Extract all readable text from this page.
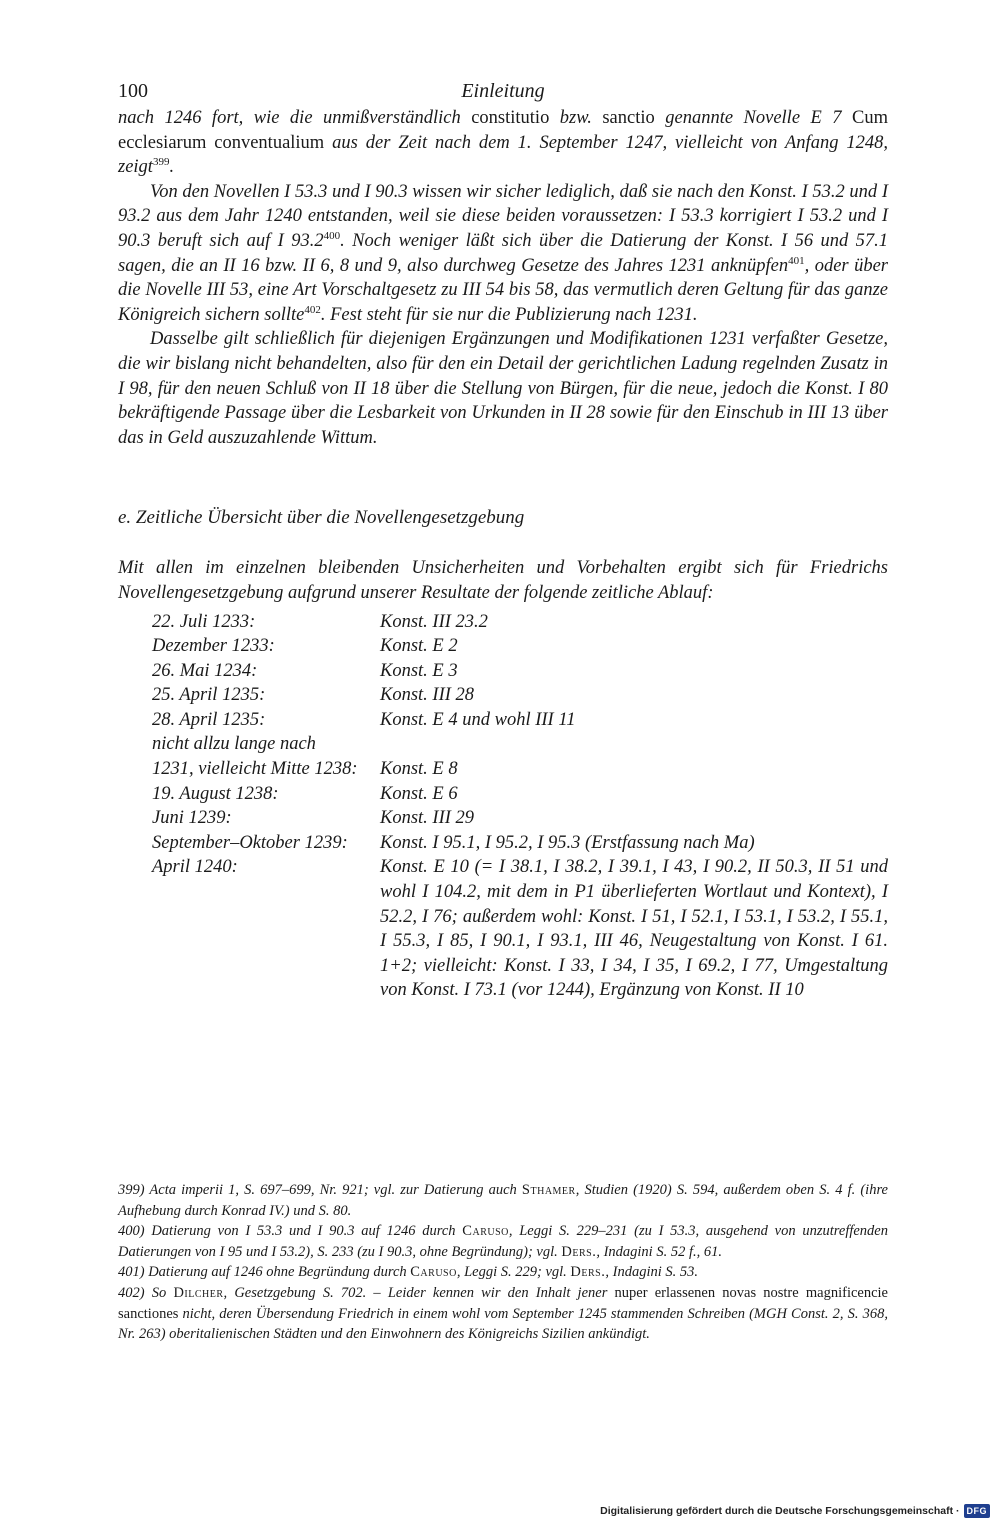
100	Einleitung

nach 1246 fort, wie die unmißverständlich constitutio bzw. sanctio genannte Novelle E 7 Cum ecclesiarum conventualium aus der Zeit nach dem 1. September 1247, vielleicht von Anfang 1248, zeigt$^{399}$.

Von den Novellen I 53.3 und I 90.3 wissen wir sicher lediglich, daß sie nach den Konst. I 53.2 und I 93.2 aus dem Jahr 1240 entstanden, weil sie diese beiden voraussetzen: I 53.3 korrigiert I 53.2 und I 90.3 beruft sich auf I 93.2$^{400}$. Noch weniger läßt sich über die Datierung der Konst. I 56 und 57.1 sagen, die an II 16 bzw. II 6, 8 und 9, also durchweg Gesetze des Jahres 1231 anknüpfen$^{401}$, oder über die Novelle III 53, eine Art Vorschaltgesetz zu III 54 bis 58, das vermutlich deren Geltung für das ganze Königreich sichern sollte$^{402}$. Fest steht für sie nur die Publizierung nach 1231.

Dasselbe gilt schließlich für diejenigen Ergänzungen und Modifikationen 1231 verfaßter Gesetze, die wir bislang nicht behandelten, also für den ein Detail der gerichtlichen Ladung regelnden Zusatz in I 98, für den neuen Schluß von II 18 über die Stellung von Bürgen, für die neue, jedoch die Konst. I 80 bekräftigende Passage über die Lesbarkeit von Urkunden in II 28 sowie für den Einschub in III 13 über das in Geld auszuzahlende Wittum.

e. Zeitliche Übersicht über die Novellengesetzgebung

Mit allen im einzelnen bleibenden Unsicherheiten und Vorbehalten ergibt sich für Friedrichs Novellengesetzgebung aufgrund unserer Resultate der folgende zeitliche Ablauf:

22. Juli 1233:	Konst. III 23.2
Dezember 1233:	Konst. E 2
26. Mai 1234:	Konst. E 3
25. April 1235:	Konst. III 28
28. April 1235:	Konst. E 4 und wohl III 11
nicht allzu lange nach
1231, vielleicht Mitte 1238:	Konst. E 8
19. August 1238:	Konst. E 6
Juni 1239:	Konst. III 29
September–Oktober 1239:	Konst. I 95.1, I 95.2, I 95.3 (Erstfassung nach Ma)
April 1240:	Konst. E 10 (= I 38.1, I 38.2, I 39.1, I 43, I 90.2, II 50.3, II 51 und wohl I 104.2, mit dem in P1 überlieferten Wortlaut und Kontext), I 52.2, I 76; außerdem wohl: Konst. I 51, I 52.1, I 53.1, I 53.2, I 55.1, I 55.3, I 85, I 90.1, I 93.1, III 46, Neugestaltung von Konst. I 61. 1+2; vielleicht: Konst. I 33, I 34, I 35, I 69.2, I 77, Umgestaltung von Konst. I 73.1 (vor 1244), Ergänzung von Konst. II 10

399) Acta imperii 1, S. 697–699, Nr. 921; vgl. zur Datierung auch Sthamer, Studien (1920) S. 594, außerdem oben S. 4 f. (ihre Aufhebung durch Konrad IV.) und S. 80.

400) Datierung von I 53.3 und I 90.3 auf 1246 durch Caruso, Leggi S. 229–231 (zu I 53.3, ausgehend von unzutreffenden Datierungen von I 95 und I 53.2), S. 233 (zu I 90.3, ohne Begründung); vgl. Ders., Indagini S. 52 f., 61.

401) Datierung auf 1246 ohne Begründung durch Caruso, Leggi S. 229; vgl. Ders., Indagini S. 53.

402) So Dilcher, Gesetzgebung S. 702. – Leider kennen wir den Inhalt jener nuper erlassenen novas nostre magnificencie sanctiones nicht, deren Übersendung Friedrich in einem wohl vom September 1245 stammenden Schreiben (MGH Const. 2, S. 368, Nr. 263) oberitalienischen Städten und den Einwohnern des Königreichs Sizilien ankündigt.

Digitalisierung gefördert durch die Deutsche Forschungsgemeinschaft · DFG
